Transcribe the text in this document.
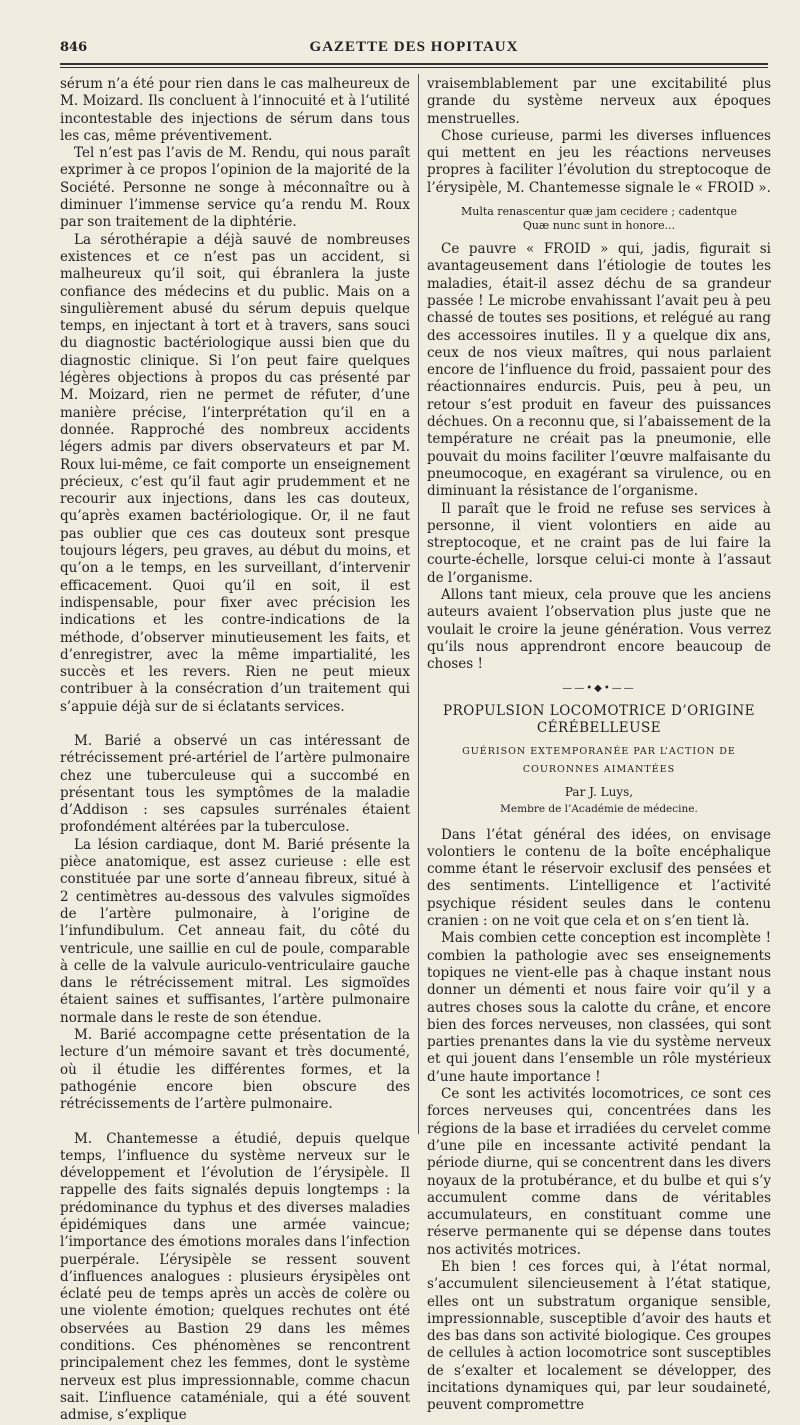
846	GAZETTE DES HOPITAUX

sérum n’a été pour rien dans le cas malheureux de M. Moizard. Ils concluent à l’innocuité et à l’utilité incontestable des injections de sérum dans tous les cas, même préventivement.

Tel n’est pas l’avis de M. Rendu, qui nous paraît exprimer à ce propos l’opinion de la majorité de la Société. Personne ne songe à méconnaître ou à diminuer l’immense service qu’a rendu M. Roux par son traitement de la diphtérie.

La sérothérapie a déjà sauvé de nombreuses existences et ce n’est pas un accident, si malheureux qu’il soit, qui ébranlera la juste confiance des médecins et du public. Mais on a singulièrement abusé du sérum depuis quelque temps, en injectant à tort et à travers, sans souci du diagnostic bactériologique aussi bien que du diagnostic clinique. Si l’on peut faire quelques légères objections à propos du cas présenté par M. Moizard, rien ne permet de réfuter, d’une manière précise, l’interprétation qu’il en a donnée. Rapproché des nombreux accidents légers admis par divers observateurs et par M. Roux lui-même, ce fait comporte un enseignement précieux, c’est qu’il faut agir prudemment et ne recourir aux injections, dans les cas douteux, qu’après examen bactériologique. Or, il ne faut pas oublier que ces cas douteux sont presque toujours légers, peu graves, au début du moins, et qu’on a le temps, en les surveillant, d’intervenir efficacement. Quoi qu’il en soit, il est indispensable, pour fixer avec précision les indications et les contre-indications de la méthode, d’observer minutieusement les faits, et d’enregistrer, avec la même impartialité, les succès et les revers. Rien ne peut mieux contribuer à la consécration d’un traitement qui s’appuie déjà sur de si éclatants services.

M. Barié a observé un cas intéressant de rétrécissement pré-artériel de l’artère pulmonaire chez une tuberculeuse qui a succombé en présentant tous les symptômes de la maladie d’Addison : ses capsules surrénales étaient profondément altérées par la tuberculose.

La lésion cardiaque, dont M. Barié présente la pièce anatomique, est assez curieuse : elle est constituée par une sorte d’anneau fibreux, situé à 2 centimètres au-dessous des valvules sigmoïdes de l’artère pulmonaire, à l’origine de l’infundibulum. Cet anneau fait, du côté du ventricule, une saillie en cul de poule, comparable à celle de la valvule auriculo-ventriculaire gauche dans le rétrécissement mitral. Les sigmoïdes étaient saines et suffisantes, l’artère pulmonaire normale dans le reste de son étendue.

M. Barié accompagne cette présentation de la lecture d’un mémoire savant et très documenté, où il étudie les différentes formes, et la pathogénie encore bien obscure des rétrécissements de l’artère pulmonaire.

M. Chantemesse a étudié, depuis quelque temps, l’influence du système nerveux sur le développement et l’évolution de l’érysipèle. Il rappelle des faits signalés depuis longtemps : la prédominance du typhus et des diverses maladies épidémiques dans une armée vaincue; l’importance des émotions morales dans l’infection puerpérale. L’érysipèle se ressent souvent d’influences analogues : plusieurs érysipèles ont éclaté peu de temps après un accès de colère ou une violente émotion; quelques rechutes ont été observées au Bastion 29 dans les mêmes conditions. Ces phénomènes se rencontrent principalement chez les femmes, dont le système nerveux est plus impressionnable, comme chacun sait. L’influence cataméniale, qui a été souvent admise, s’explique

vraisemblablement par une excitabilité plus grande du système nerveux aux époques menstruelles.

Chose curieuse, parmi les diverses influences qui mettent en jeu les réactions nerveuses propres à faciliter l’évolution du streptocoque de l’érysipèle, M. Chantemesse signale le « FROID ».

Multa renascentur quæ jam cecidere ; cadentque
Quæ nunc sunt in honore...

Ce pauvre « FROID » qui, jadis, figurait si avantageusement dans l’étiologie de toutes les maladies, était-il assez déchu de sa grandeur passée ! Le microbe envahissant l’avait peu à peu chassé de toutes ses positions, et relégué au rang des accessoires inutiles. Il y a quelque dix ans, ceux de nos vieux maîtres, qui nous parlaient encore de l’influence du froid, passaient pour des réactionnaires endurcis. Puis, peu à peu, un retour s’est produit en faveur des puissances déchues. On a reconnu que, si l’abaissement de la température ne créait pas la pneumonie, elle pouvait du moins faciliter l’œuvre malfaisante du pneumocoque, en exagérant sa virulence, ou en diminuant la résistance de l’organisme.

Il paraît que le froid ne refuse ses services à personne, il vient volontiers en aide au streptocoque, et ne craint pas de lui faire la courte-échelle, lorsque celui-ci monte à l’assaut de l’organisme.

Allons tant mieux, cela prouve que les anciens auteurs avaient l’observation plus juste que ne voulait le croire la jeune génération. Vous verrez qu’ils nous apprendront encore beaucoup de choses !

——•◆•——
PROPULSION LOCOMOTRICE D’ORIGINE CÉRÉBELLEUSE
GUÉRISON EXTEMPORANÉE PAR L’ACTION DE COURONNES AIMANTÉES
Par J. Luys,
Membre de l’Académie de médecine.

Dans l’état général des idées, on envisage volontiers le contenu de la boîte encéphalique comme étant le réservoir exclusif des pensées et des sentiments. L’intelligence et l’activité psychique résident seules dans le contenu cranien : on ne voit que cela et on s’en tient là.

Mais combien cette conception est incomplète ! combien la pathologie avec ses enseignements topiques ne vient-elle pas à chaque instant nous donner un démenti et nous faire voir qu’il y a autres choses sous la calotte du crâne, et encore bien des forces nerveuses, non classées, qui sont parties prenantes dans la vie du système nerveux et qui jouent dans l’ensemble un rôle mystérieux d’une haute importance !

Ce sont les activités locomotrices, ce sont ces forces nerveuses qui, concentrées dans les régions de la base et irradiées du cervelet comme d’une pile en incessante activité pendant la période diurne, qui se concentrent dans les divers noyaux de la protubérance, et du bulbe et qui s’y accumulent comme dans de véritables accumulateurs, en constituant comme une réserve permanente qui se dépense dans toutes nos activités motrices.

Eh bien ! ces forces qui, à l’état normal, s’accumulent silencieusement à l’état statique, elles ont un substratum organique sensible, impressionnable, susceptible d’avoir des hauts et des bas dans son activité biologique. Ces groupes de cellules à action locomotrice sont susceptibles de s’exalter et localement se développer, des incitations dynamiques qui, par leur soudaineté, peuvent compromettre
